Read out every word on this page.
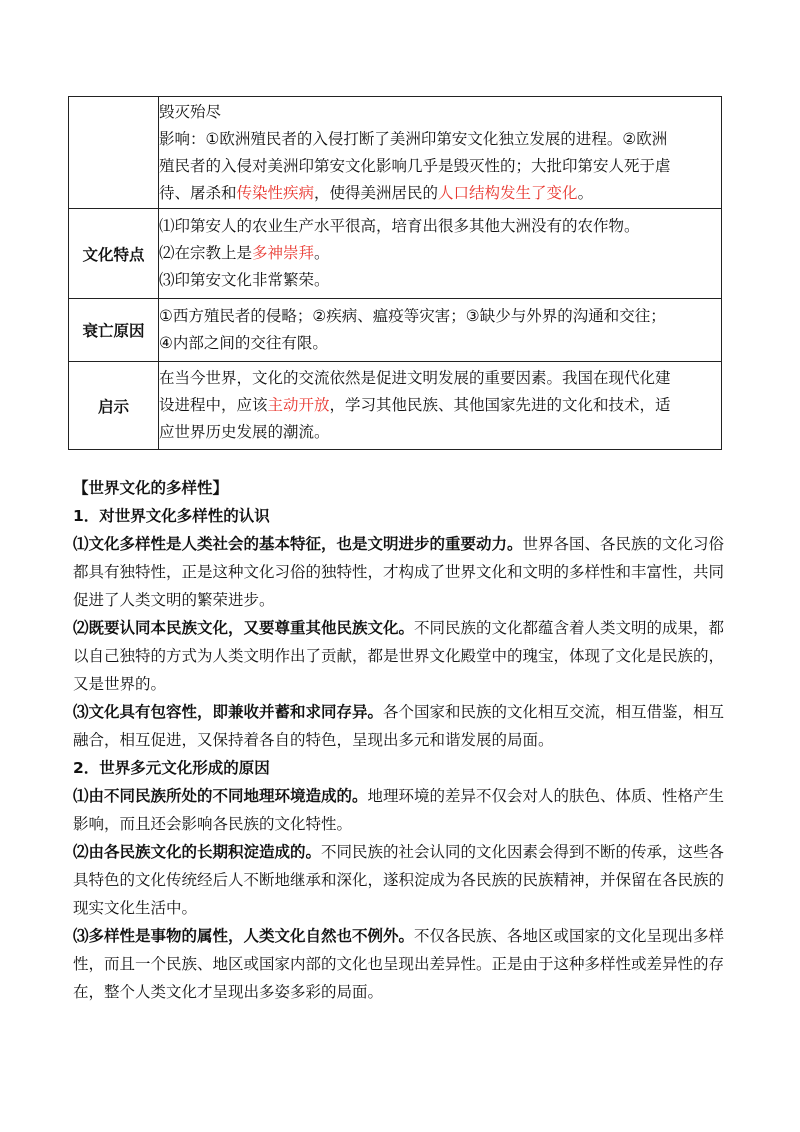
	毁灭殆尽
影响：①欧洲殖民者的入侵打断了美洲印第安文化独立发展的进程。②欧洲
殖民者的入侵对美洲印第安文化影响几乎是毁灭性的；大批印第安人死于虐
待、屠杀和传染性疾病，使得美洲居民的人口结构发生了变化。

文化特点	⑴印第安人的农业生产水平很高，培育出很多其他大洲没有的农作物。
⑵在宗教上是多神崇拜。
⑶印第安文化非常繁荣。

衰亡原因	①西方殖民者的侵略；②疾病、瘟疫等灾害；③缺少与外界的沟通和交往；
④内部之间的交往有限。

启示	在当今世界，文化的交流依然是促进文明发展的重要因素。我国在现代化建
设进程中，应该主动开放，学习其他民族、其他国家先进的文化和技术，适
应世界历史发展的潮流。
【世界文化的多样性】
1．对世界文化多样性的认识
⑴文化多样性是人类社会的基本特征，也是文明进步的重要动力。世界各国、各民族的文化习俗都具有独特性，正是这种文化习俗的独特性，才构成了世界文化和文明的多样性和丰富性，共同促进了人类文明的繁荣进步。
⑵既要认同本民族文化，又要尊重其他民族文化。不同民族的文化都蕴含着人类文明的成果，都以自己独特的方式为人类文明作出了贡献，都是世界文化殿堂中的瑰宝，体现了文化是民族的，又是世界的。
⑶文化具有包容性，即兼收并蓄和求同存异。各个国家和民族的文化相互交流，相互借鉴，相互融合，相互促进，又保持着各自的特色，呈现出多元和谐发展的局面。
2．世界多元文化形成的原因
⑴由不同民族所处的不同地理环境造成的。地理环境的差异不仅会对人的肤色、体质、性格产生影响，而且还会影响各民族的文化特性。
⑵由各民族文化的长期积淀造成的。不同民族的社会认同的文化因素会得到不断的传承，这些各具特色的文化传统经后人不断地继承和深化，遂积淀成为各民族的民族精神，并保留在各民族的现实文化生活中。
⑶多样性是事物的属性，人类文化自然也不例外。不仅各民族、各地区或国家的文化呈现出多样性，而且一个民族、地区或国家内部的文化也呈现出差异性。正是由于这种多样性或差异性的存在，整个人类文化才呈现出多姿多彩的局面。
